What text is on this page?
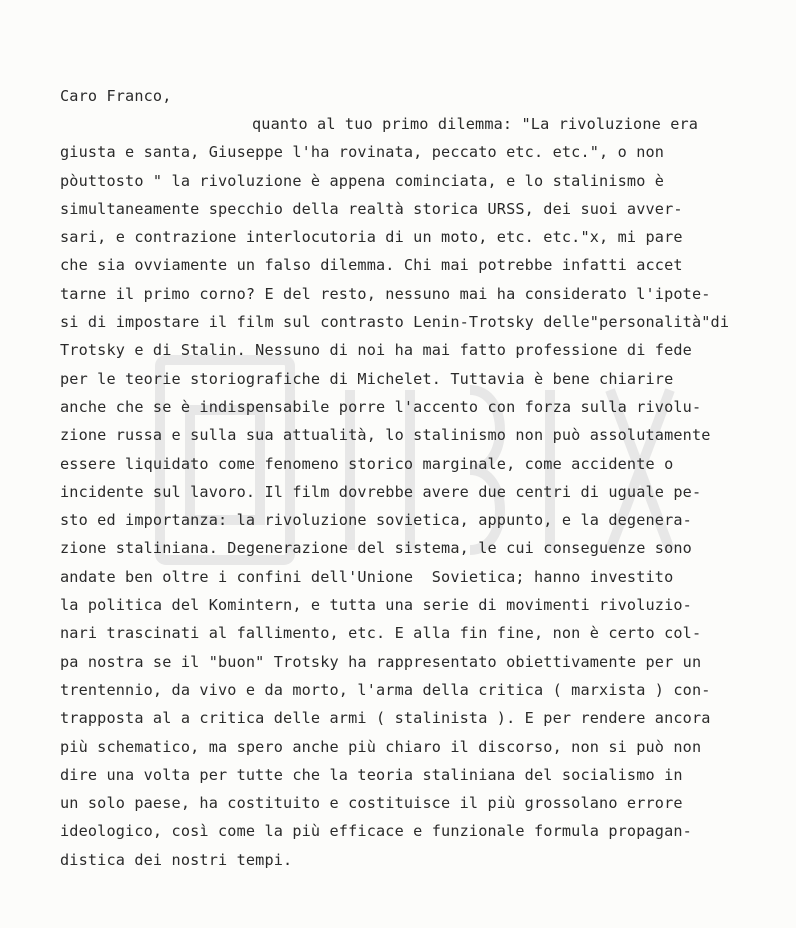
Caro Franco,

quanto al tuo primo dilemma: "La rivoluzione era

giusta e santa, Giuseppe l'ha rovinata, peccato etc. etc.", o non

pòuttosto " la rivoluzione è appena cominciata, e lo stalinismo è

simultaneamente specchio della realtà storica URSS, dei suoi avver-

sari, e contrazione interlocutoria di un moto, etc. etc."x, mi pare

che sia ovviamente un falso dilemma. Chi mai potrebbe infatti accet

tarne il primo corno? E del resto, nessuno mai ha considerato l'ipote-

si di impostare il film sul contrasto Lenin-Trotsky delle"personalità"di

Trotsky e di Stalin. Nessuno di noi ha mai fatto professione di fede

per le teorie storiografiche di Michelet. Tuttavia è bene chiarire

anche che se è indispensabile porre l'accento con forza sulla rivolu-

zione russa e sulla sua attualità, lo stalinismo non può assolutamente

essere liquidato come fenomeno storico marginale, come accidente o

incidente sul lavoro. Il film dovrebbe avere due centri di uguale pe-

sto ed importanza: la rivoluzione sovietica, appunto, e la degenera-

zione staliniana. Degenerazione del sistema, le cui conseguenze sono

andate ben oltre i confini dell'Unione  Sovietica; hanno investito

la politica del Komintern, e tutta una serie di movimenti rivoluzio-

nari trascinati al fallimento, etc. E alla fin fine, non è certo col-

pa nostra se il "buon" Trotsky ha rappresentato obiettivamente per un

trentennio, da vivo e da morto, l'arma della critica ( marxista ) con-

trapposta al a critica delle armi ( stalinista ). E per rendere ancora

più schematico, ma spero anche più chiaro il discorso, non si può non

dire una volta per tutte che la teoria staliniana del socialismo in

un solo paese, ha costituito e costituisce il più grossolano errore

ideologico, così come la più efficace e funzionale formula propagan-

distica dei nostri tempi.
